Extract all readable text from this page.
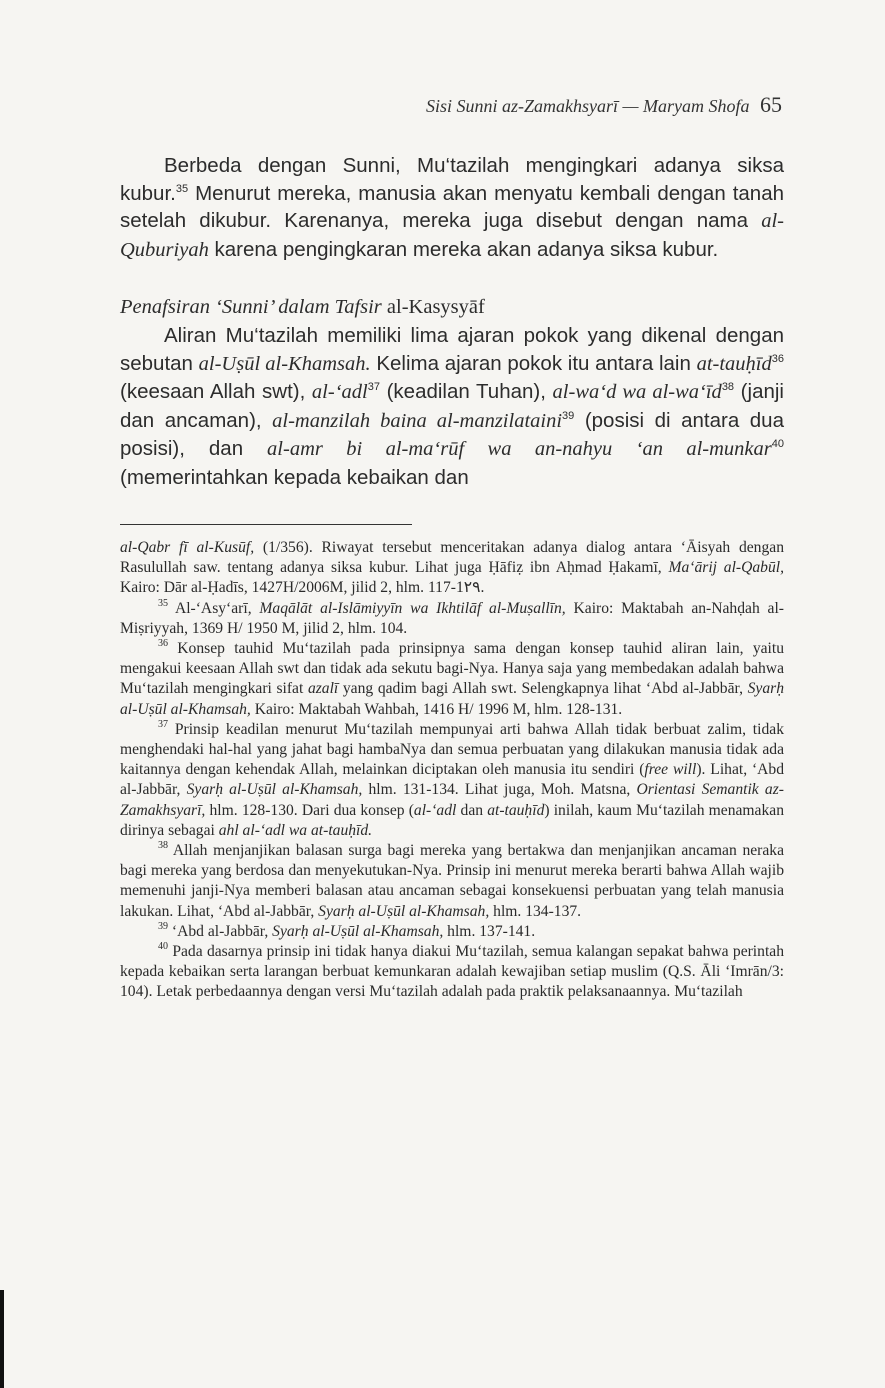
Sisi Sunni az-Zamakhsyarī — Maryam Shofa 65

Berbeda dengan Sunni, Mu‘tazilah mengingkari adanya siksa kubur.$^{35}$ Menurut mereka, manusia akan menyatu kembali dengan tanah setelah dikubur. Karenanya, mereka juga disebut dengan nama al-Quburiyah karena pengingkaran mereka akan adanya siksa kubur.

Penafsiran ‘Sunni’ dalam Tafsir al-Kasysyāf

Aliran Mu‘tazilah memiliki lima ajaran pokok yang dikenal dengan sebutan al-Uṣūl al-Khamsah. Kelima ajaran pokok itu antara lain at-tauḥīd$^{36}$ (keesaan Allah swt), al-‘adl$^{37}$ (keadilan Tuhan), al-wa‘d wa $al-wa‘īd^{38}$ (janji dan ancaman), al-manzilah baina al-manzilataini$^{39}$ (posisi di antara dua posisi), dan al-amr bi al-ma‘rūf wa an-nahyu ‘an al-munkar$^{40}$ (memerintahkan kepada kebaikan dan

al-Qabr fī al-Kusūf, (1/356). Riwayat tersebut menceritakan adanya dialog antara ‘Āisyah dengan Rasulullah saw. tentang adanya siksa kubur. Lihat juga Ḥāfiẓ ibn Aḥmad Ḥakamī, Ma‘ārij al-Qabūl, Kairo: Dār al-Ḥadīs, 1427H/2006M, jilid 2, hlm. 117-1٢٩.

$^{35}$ Al-‘Asy‘arī, Maqālāt al-Islāmiyyīn wa Ikhtilāf al-Muṣallīn, Kairo: Maktabah an-Nahḍah al-Miṣriyyah, 1369 H/ 1950 M, jilid 2, hlm. 104.

$^{36}$ Konsep tauhid Mu‘tazilah pada prinsipnya sama dengan konsep tauhid aliran lain, yaitu mengakui keesaan Allah swt dan tidak ada sekutu bagi-Nya. Hanya saja yang membedakan adalah bahwa Mu‘tazilah mengingkari sifat azalī yang qadim bagi Allah swt. Selengkapnya lihat ‘Abd al-Jabbār, Syarḥ al-Uṣūl al-Khamsah, Kairo: Maktabah Wahbah, 1416 H/ 1996 M, hlm. 128-131.

$^{37}$ Prinsip keadilan menurut Mu‘tazilah mempunyai arti bahwa Allah tidak berbuat zalim, tidak menghendaki hal-hal yang jahat bagi hambaNya dan semua perbuatan yang dilakukan manusia tidak ada kaitannya dengan kehendak Allah, melainkan diciptakan oleh manusia itu sendiri (free will). Lihat, ‘Abd al-Jabbār, Syarḥ al-Uṣūl al-Khamsah, hlm. 131-134. Lihat juga, Moh. Matsna, Orientasi Semantik az-Zamakhsyarī, hlm. 128-130. Dari dua konsep (al-‘adl dan at-tauḥīd) inilah, kaum Mu‘tazilah menamakan dirinya sebagai ahl al-‘adl wa at-tauḥīd.

$^{38}$ Allah menjanjikan balasan surga bagi mereka yang bertakwa dan menjanjikan ancaman neraka bagi mereka yang berdosa dan menyekutukan-Nya. Prinsip ini menurut mereka berarti bahwa Allah wajib memenuhi janji-Nya memberi balasan atau ancaman sebagai konsekuensi perbuatan yang telah manusia lakukan. Lihat, ‘Abd al-Jabbār, Syarḥ al-Uṣūl al-Khamsah, hlm. 134-137.

$^{39}$ ‘Abd al-Jabbār, Syarḥ al-Uṣūl al-Khamsah, hlm. 137-141.

$^{40}$ Pada dasarnya prinsip ini tidak hanya diakui Mu‘tazilah, semua kalangan sepakat bahwa perintah kepada kebaikan serta larangan berbuat kemunkaran adalah kewajiban setiap muslim (Q.S. Āli ‘Imrān/3: 104). Letak perbedaannya dengan versi Mu‘tazilah adalah pada praktik pelaksanaannya. Mu‘tazilah
